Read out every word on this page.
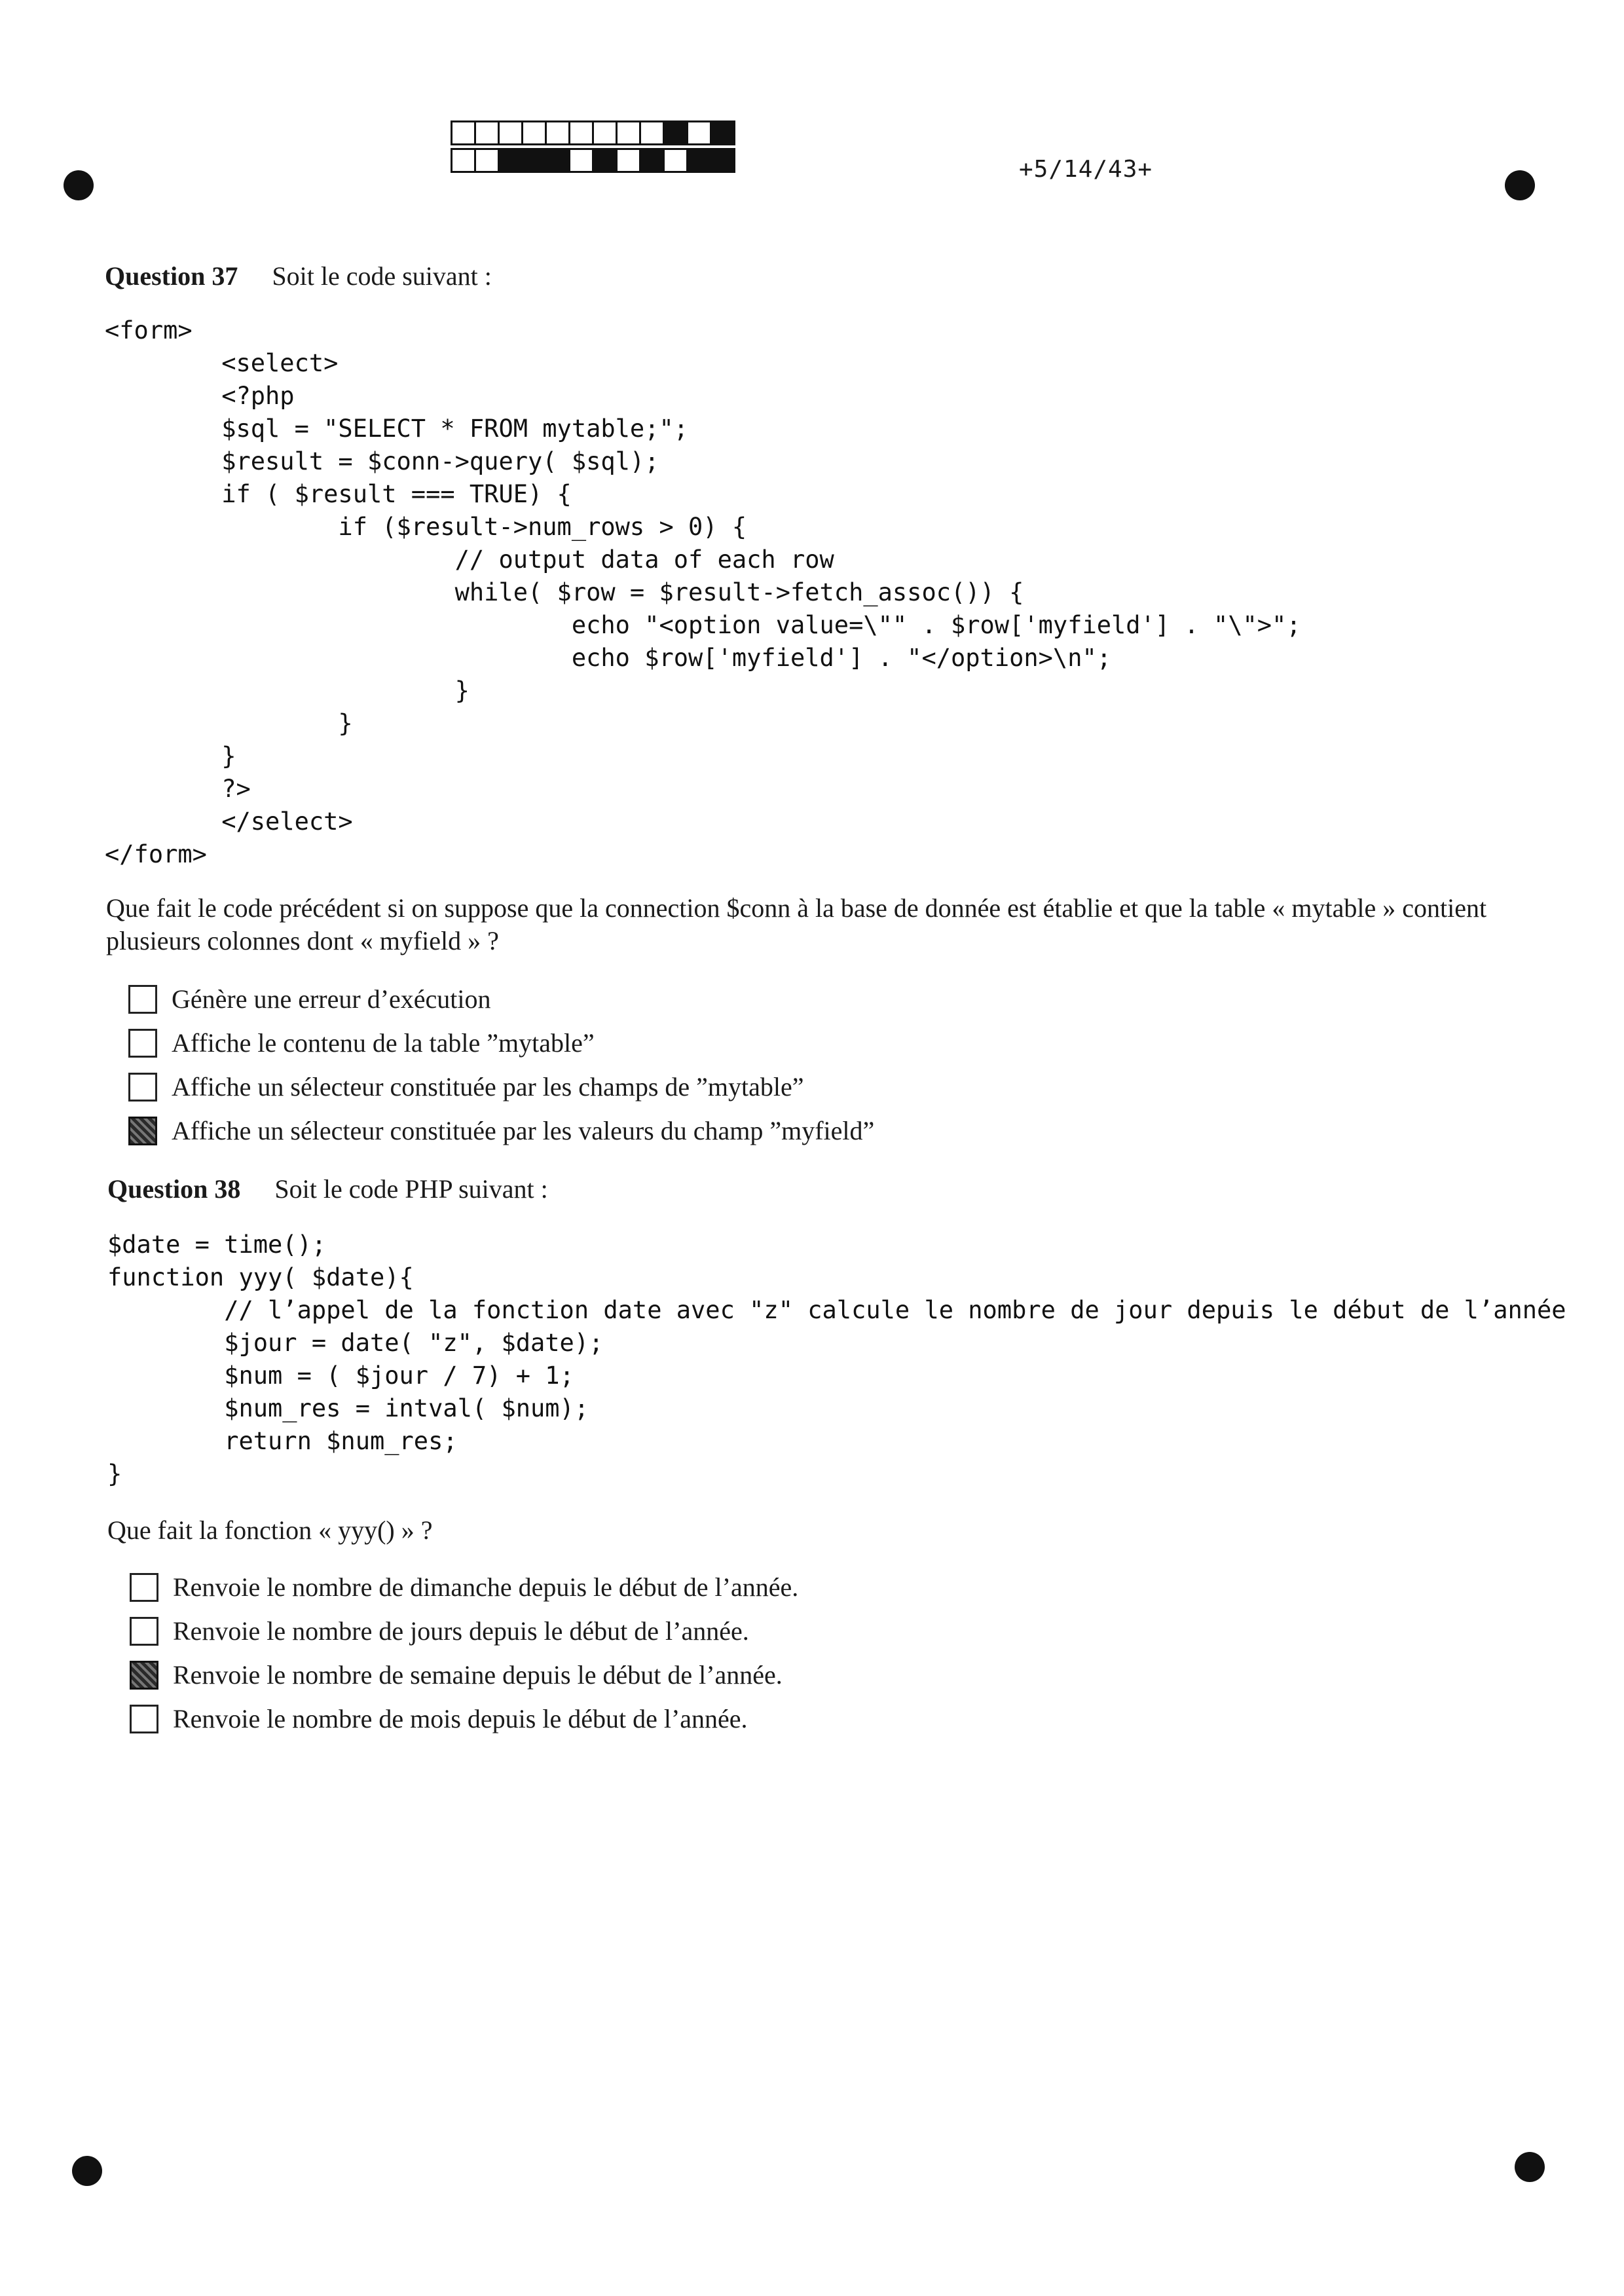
+5/14/43+
Question 37 Soit le code suivant :
<form>
<select>
<?php
$sql = "SELECT * FROM mytable;";
$result = $conn->query( $sql);
if ( $result === TRUE) {
if ($result->num_rows > 0) {
// output data of each row
while( $row = $result->fetch_assoc()) {
echo "<option value=\"" . $row['myfield'] . "\">";
echo $row['myfield'] . "</option>\n";
}
}
}
?>
</select>
</form>
Que fait le code précédent si on suppose que la connection $conn à la base de donnée est établie et que la table « mytable » contient plusieurs colonnes dont « myfield » ?
Génère une erreur d’exécution
Affiche le contenu de la table ”mytable”
Affiche un sélecteur constituée par les champs de ”mytable”
Affiche un sélecteur constituée par les valeurs du champ ”myfield”
Question 38 Soit le code PHP suivant :
$date = time();
function yyy( $date){
// l’appel de la fonction date avec "z" calcule le nombre de jour depuis le début de l’année
$jour = date( "z", $date);
$num = ( $jour / 7) + 1;
$num_res = intval( $num);
return $num_res;
}
Que fait la fonction « yyy() » ?
Renvoie le nombre de dimanche depuis le début de l’année.
Renvoie le nombre de jours depuis le début de l’année.
Renvoie le nombre de semaine depuis le début de l’année.
Renvoie le nombre de mois depuis le début de l’année.
